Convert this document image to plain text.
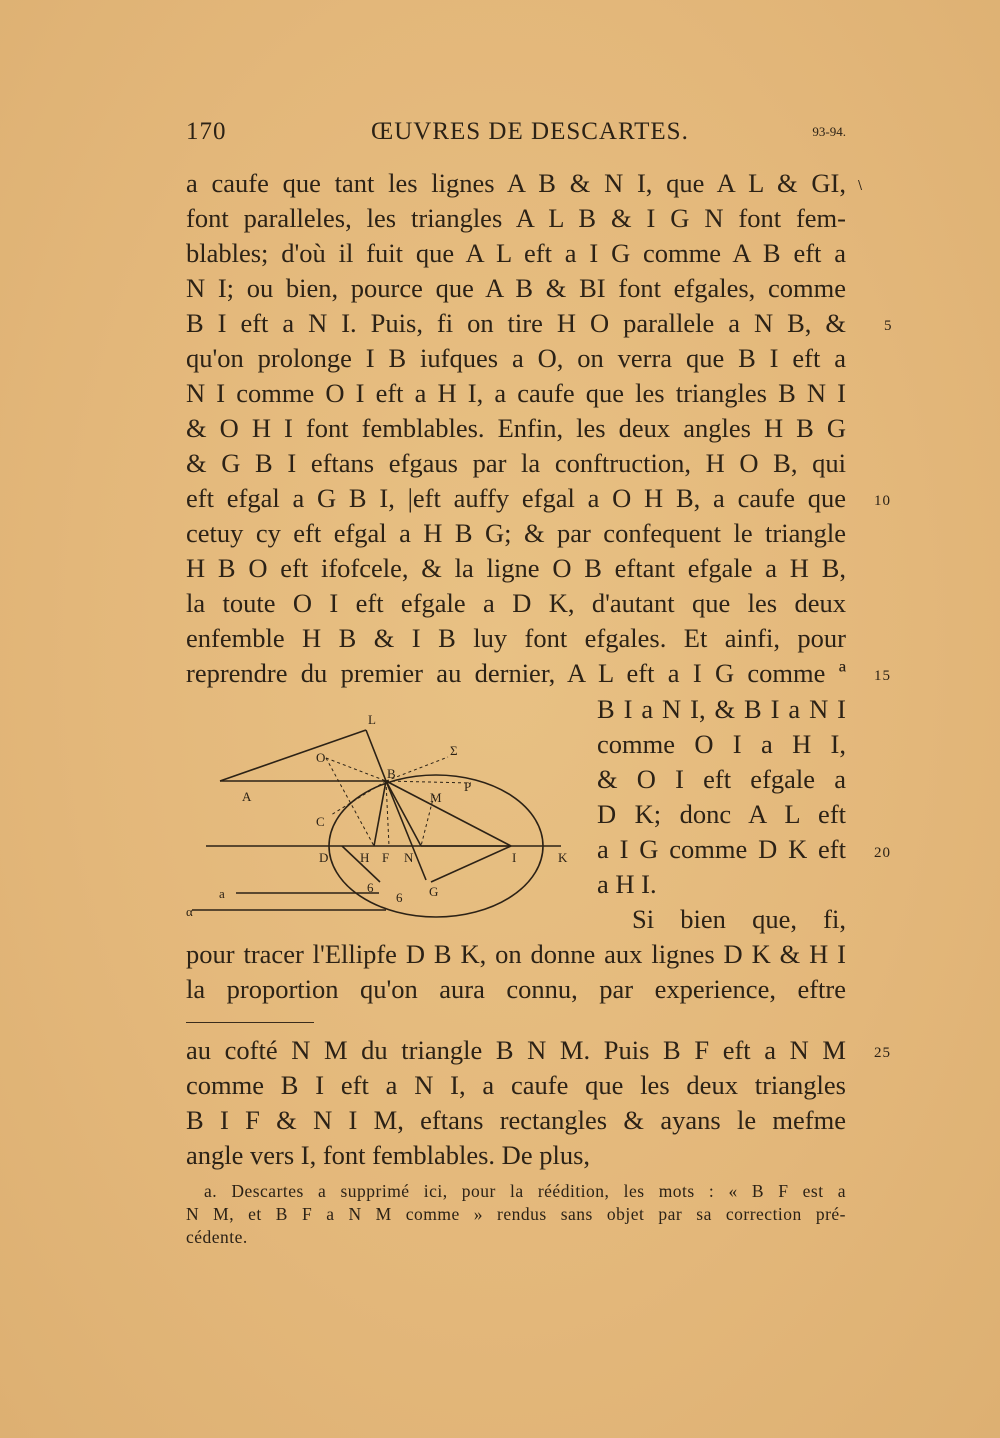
170	ŒUVRES DE DESCARTES.	93-94.
\
a caufe que tant les lignes A B & N I, que A L & GI,
font paralleles, les triangles A L B & I G N font fem-
blables; d'où il fuit que A L eft a I G comme A B eft a
N I; ou bien, pource que A B & BI font efgales, comme
B I eft a N I. Puis, fi on tire H O parallele a N B, &
qu'on prolonge I B iufques a O, on verra que B I eft a
N I comme O I eft a H I, a caufe que les triangles B N I
& O H I font femblables. Enfin, les deux angles H B G
& G B I eftans efgaus par la conftruction, H O B, qui
eft efgal a G B I, |eft auffy efgal a O H B, a caufe que
cetuy cy eft efgal a H B G; & par confequent le triangle
H B O eft ifofcele, & la ligne O B eftant efgale a H B,
la toute O I eft efgale a D K, d'autant que les deux
enfemble H B & I B luy font efgales. Et ainfi, pour
reprendre du premier au dernier, A L eft a I G comme ª
B I a N I, & B I a N I
comme O I a H I,
& O I eft efgale a
D K; donc A L eft
a I G comme D K eft
a H I.
Si bien que, fi,
pour tracer l'Ellipfe D B K, on donne aux lignes D K & H I
la proportion qu'on aura connu, par experience, eftre
au cofté N M du triangle B N M. Puis B F eft a N M
comme B I eft a N I, a caufe que les deux triangles
B I F & N I M, eftans rectangles & ayans le mefme
angle vers I, font femblables. De plus,
5
10
15
20
25
a. Descartes a supprimé ici, pour la réédition, les mots : « B F est a
N M, et B F a N M comme » rendus sans objet par sa correction pré-
cédente.
L
O	Σ
B
P
A	M
C
D H F N	I	K
a	6
6 G
α
